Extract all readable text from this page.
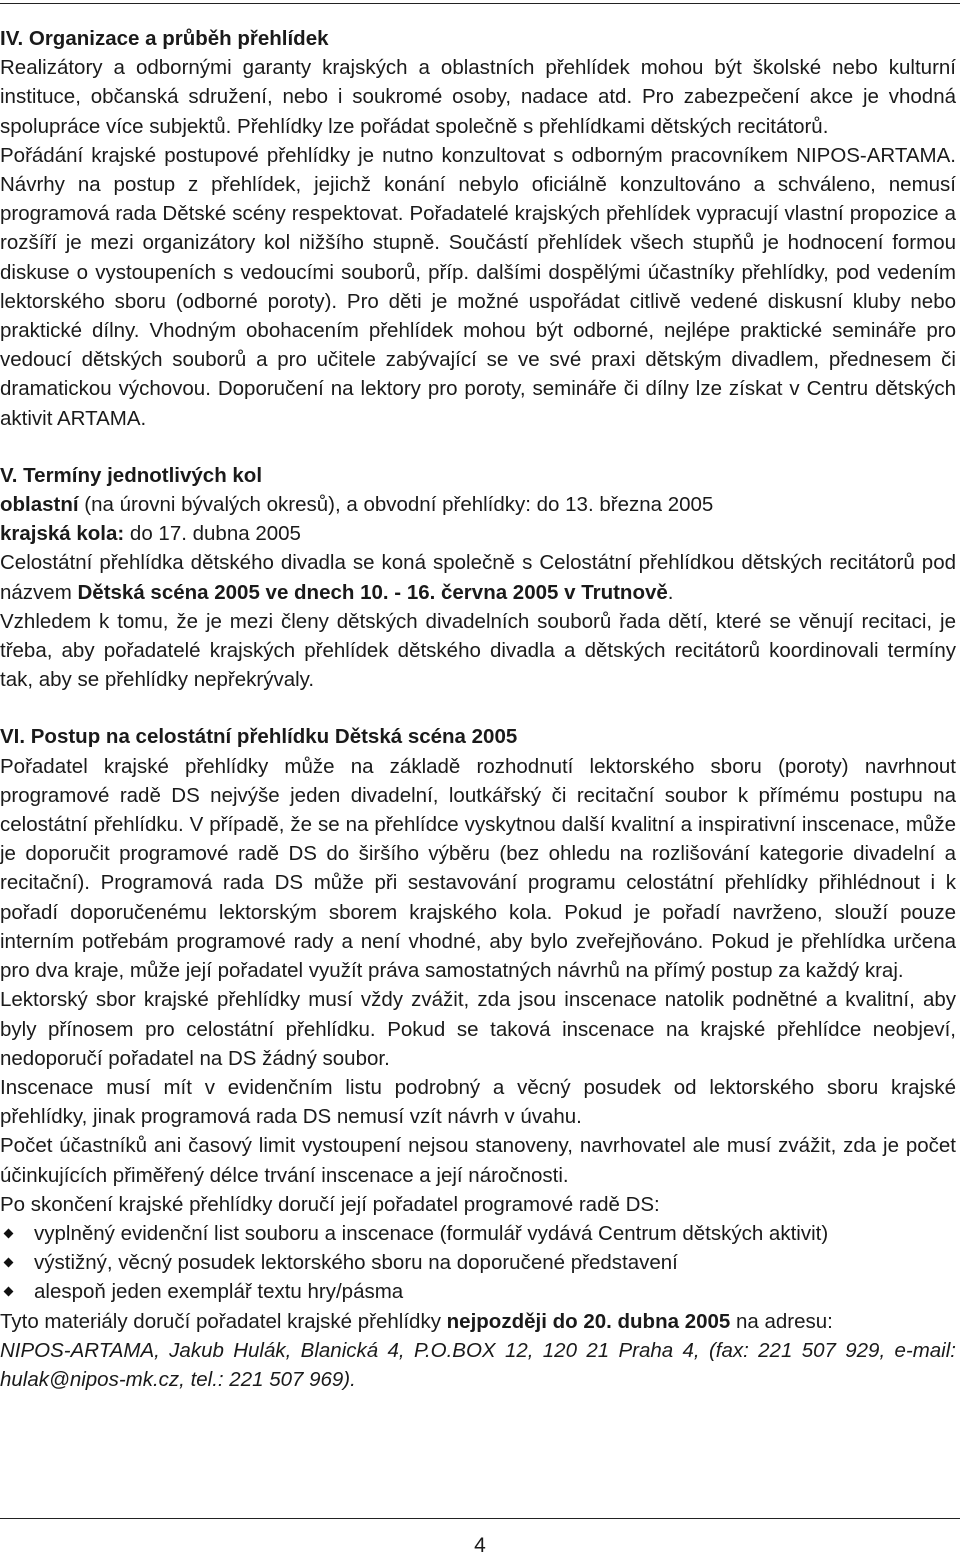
IV. Organizace a průběh přehlídek

Realizátory a odbornými garanty krajských a oblastních přehlídek mohou být školské nebo kulturní instituce, občanská sdružení, nebo i soukromé osoby, nadace atd. Pro zabezpečení akce je vhodná spolupráce více subjektů. Přehlídky lze pořádat společně s přehlídkami dětských recitátorů.

Pořádání krajské postupové přehlídky je nutno konzultovat s odborným pracovníkem NIPOS-ARTAMA. Návrhy na postup z přehlídek, jejichž konání nebylo oficiálně konzultováno a schváleno, nemusí programová rada Dětské scény respektovat. Pořadatelé krajských přehlídek vypracují vlastní propozice a rozšíří je mezi organizátory kol nižšího stupně. Součástí přehlídek všech stupňů je hodnocení formou diskuse o vystoupeních s vedoucími souborů, příp. dalšími dospělými účastníky přehlídky, pod vedením lektorského sboru (odborné poroty). Pro děti je možné uspořádat citlivě vedené diskusní kluby nebo praktické dílny. Vhodným obohacením přehlídek mohou být odborné, nejlépe praktické semináře pro vedoucí dětských souborů a pro učitele zabývající se ve své praxi dětským divadlem, přednesem či dramatickou výchovou. Doporučení na lektory pro poroty, semináře či dílny lze získat v Centru dětských aktivit ARTAMA.

V. Termíny jednotlivých kol

oblastní (na úrovni bývalých okresů), a obvodní přehlídky: do 13. března 2005

krajská kola: do 17. dubna 2005

Celostátní přehlídka dětského divadla se koná společně s Celostátní přehlídkou dětských recitátorů pod názvem Dětská scéna 2005 ve dnech 10. - 16. června 2005 v Trutnově.

Vzhledem k tomu, že je mezi členy dětských divadelních souborů řada dětí, které se věnují recitaci, je třeba, aby pořadatelé krajských přehlídek dětského divadla a dětských recitátorů koordinovali termíny tak, aby se přehlídky nepřekrývaly.

VI. Postup na celostátní přehlídku Dětská scéna 2005

Pořadatel krajské přehlídky může na základě rozhodnutí lektorského sboru (poroty) navrhnout programové radě DS nejvýše jeden divadelní, loutkářský či recitační soubor k přímému postupu na celostátní přehlídku. V případě, že se na přehlídce vyskytnou další kvalitní a inspirativní inscenace, může je doporučit programové radě DS do širšího výběru (bez ohledu na rozlišování kategorie divadelní a recitační). Programová rada DS může při sestavování programu celostátní přehlídky přihlédnout i k pořadí doporučenému lektorským sborem krajského kola. Pokud je pořadí navrženo, slouží pouze interním potřebám programové rady a není vhodné, aby bylo zveřejňováno. Pokud je přehlídka určena pro dva kraje, může její pořadatel využít práva samostatných návrhů na přímý postup za každý kraj.

Lektorský sbor krajské přehlídky musí vždy zvážit, zda jsou inscenace natolik podnětné a kvalitní, aby byly přínosem pro celostátní přehlídku. Pokud se taková inscenace na krajské přehlídce neobjeví, nedoporučí pořadatel na DS žádný soubor.

Inscenace musí mít v evidenčním listu podrobný a věcný posudek od lektorského sboru krajské přehlídky, jinak programová rada DS nemusí vzít návrh v úvahu.

Počet účastníků ani časový limit vystoupení nejsou stanoveny, navrhovatel ale musí zvážit, zda je počet účinkujících přiměřený délce trvání inscenace a její náročnosti.

Po skončení krajské přehlídky doručí její pořadatel programové radě DS:

vyplněný evidenční list souboru a inscenace (formulář vydává Centrum dětských aktivit)
výstižný, věcný posudek lektorského sboru na doporučené představení
alespoň jeden exemplář textu hry/pásma

Tyto materiály doručí pořadatel krajské přehlídky nejpozději do 20. dubna 2005 na adresu:

NIPOS-ARTAMA, Jakub Hulák, Blanická 4, P.O.BOX 12, 120 21 Praha 4, (fax: 221 507 929, e-mail: hulak@nipos-mk.cz, tel.: 221 507 969).

4
